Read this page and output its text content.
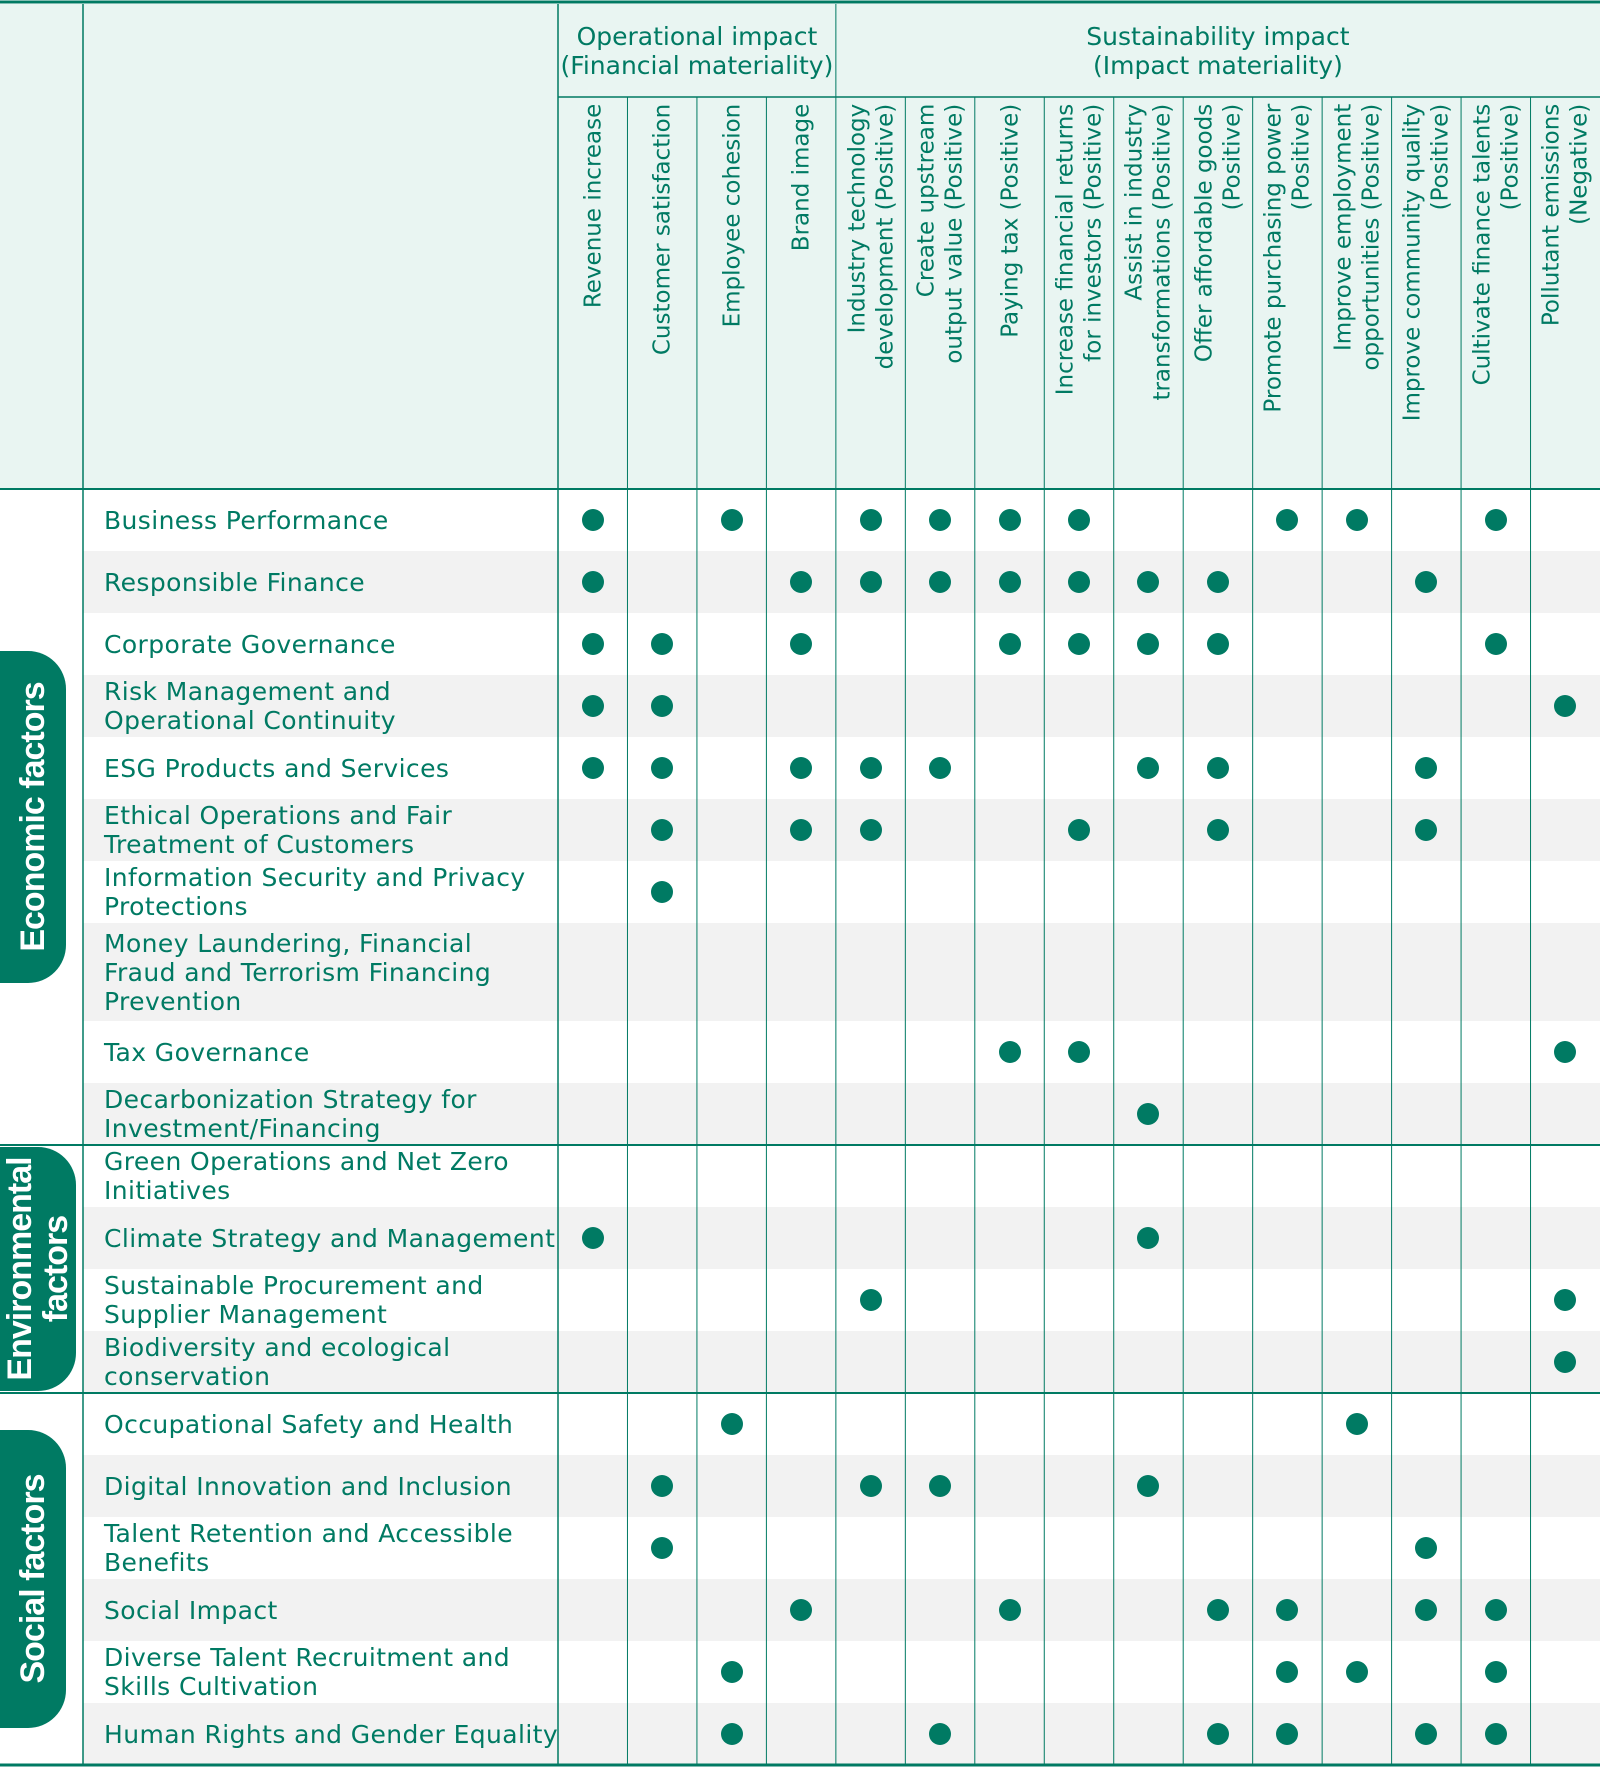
Operational impact
(Financial materiality)
Sustainability impact
(Impact materiality)
Revenue increase Customer satisfaction Employee cohesion Brand image Industry technology development (Positive) Create upstream output value (Positive) Paying tax (Positive) Increase financial returns for investors (Positive) Assist in industry transformations (Positive) Offer affordable goods (Positive) Promote purchasing power (Positive) Improve employment opportunities (Positive) Improve community quality (Positive) Cultivate finance talents (Positive) Pollutant emissions (Negative)
Business Performance
Responsible Finance
Corporate Governance
Risk Management and
Operational Continuity
ESG Products and Services
Ethical Operations and Fair
Treatment of Customers
Information Security and Privacy
Protections
Money Laundering, Financial
Fraud and Terrorism Financing
Prevention
Tax Governance
Decarbonization Strategy for
Investment/Financing
Green Operations and Net Zero
Initiatives
Climate Strategy and Management
Sustainable Procurement and
Supplier Management
Biodiversity and ecological
conservation
Occupational Safety and Health
Digital Innovation and Inclusion
Talent Retention and Accessible
Benefits
Social Impact
Diverse Talent Recruitment and
Skills Cultivation
Human Rights and Gender Equality
Economic factors
Environmental
factors
Social factors
